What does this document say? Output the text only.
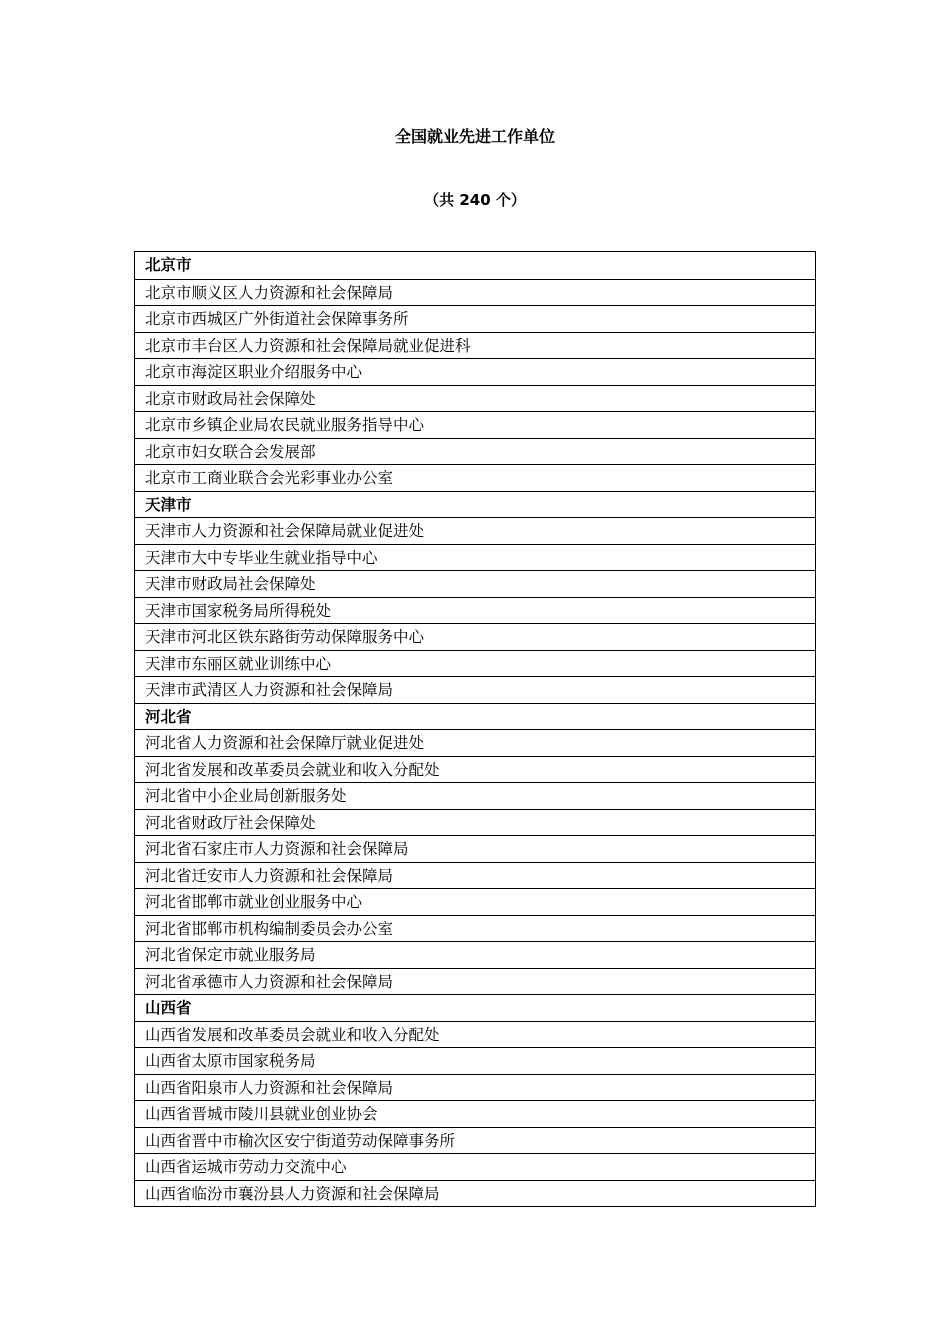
全国就业先进工作单位
（共 240 个）
北京市
北京市顺义区人力资源和社会保障局
北京市西城区广外街道社会保障事务所
北京市丰台区人力资源和社会保障局就业促进科
北京市海淀区职业介绍服务中心
北京市财政局社会保障处
北京市乡镇企业局农民就业服务指导中心
北京市妇女联合会发展部
北京市工商业联合会光彩事业办公室
天津市
天津市人力资源和社会保障局就业促进处
天津市大中专毕业生就业指导中心
天津市财政局社会保障处
天津市国家税务局所得税处
天津市河北区铁东路街劳动保障服务中心
天津市东丽区就业训练中心
天津市武清区人力资源和社会保障局
河北省
河北省人力资源和社会保障厅就业促进处
河北省发展和改革委员会就业和收入分配处
河北省中小企业局创新服务处
河北省财政厅社会保障处
河北省石家庄市人力资源和社会保障局
河北省迁安市人力资源和社会保障局
河北省邯郸市就业创业服务中心
河北省邯郸市机构编制委员会办公室
河北省保定市就业服务局
河北省承德市人力资源和社会保障局
山西省
山西省发展和改革委员会就业和收入分配处
山西省太原市国家税务局
山西省阳泉市人力资源和社会保障局
山西省晋城市陵川县就业创业协会
山西省晋中市榆次区安宁街道劳动保障事务所
山西省运城市劳动力交流中心
山西省临汾市襄汾县人力资源和社会保障局
